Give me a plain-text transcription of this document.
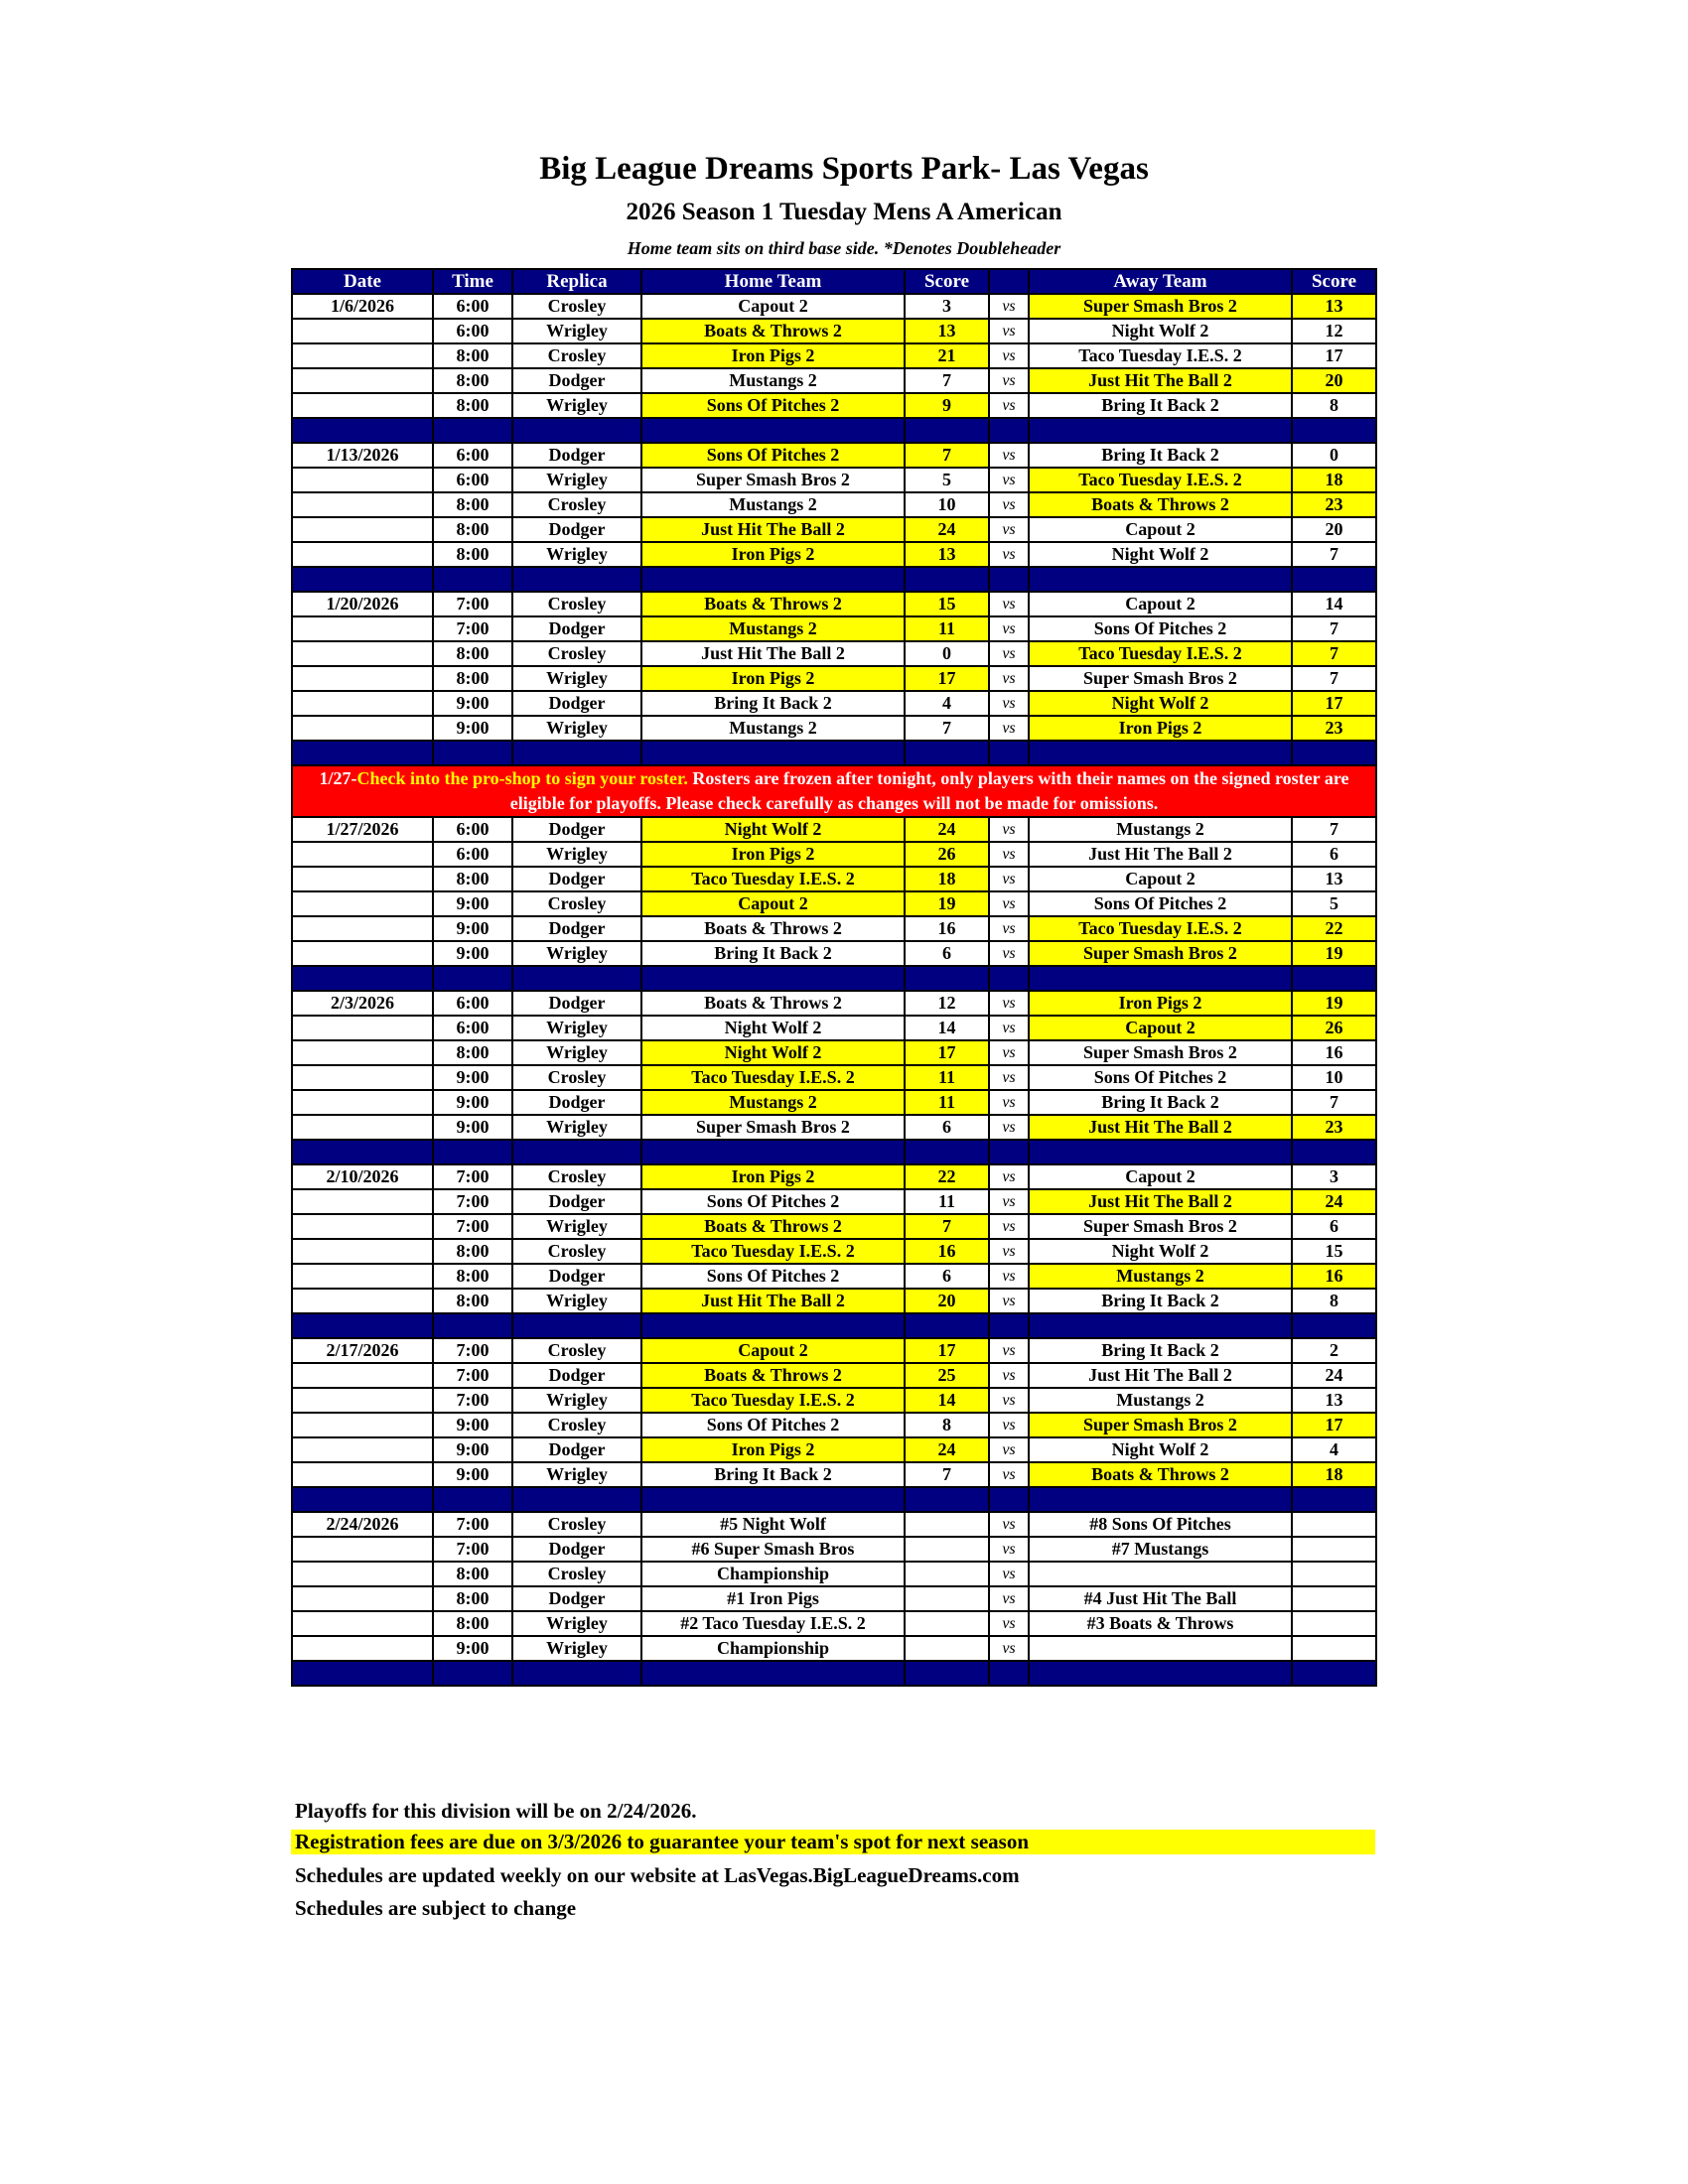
Big League Dreams Sports Park- Las Vegas
2026 Season 1 Tuesday Mens A American
Home team sits on third base side. *Denotes Doubleheader
Date	Time	Replica	Home Team	Score		Away Team	Score
1/6/2026	6:00	Crosley	Capout 2	3	vs	Super Smash Bros 2	13
	6:00	Wrigley	Boats & Throws 2	13	vs	Night Wolf 2	12
	8:00	Crosley	Iron Pigs 2	21	vs	Taco Tuesday I.E.S. 2	17
	8:00	Dodger	Mustangs 2	7	vs	Just Hit The Ball 2	20
	8:00	Wrigley	Sons Of Pitches 2	9	vs	Bring It Back 2	8

1/13/2026	6:00	Dodger	Sons Of Pitches 2	7	vs	Bring It Back 2	0
	6:00	Wrigley	Super Smash Bros 2	5	vs	Taco Tuesday I.E.S. 2	18
	8:00	Crosley	Mustangs 2	10	vs	Boats & Throws 2	23
	8:00	Dodger	Just Hit The Ball 2	24	vs	Capout 2	20
	8:00	Wrigley	Iron Pigs 2	13	vs	Night Wolf 2	7

1/20/2026	7:00	Crosley	Boats & Throws 2	15	vs	Capout 2	14
	7:00	Dodger	Mustangs 2	11	vs	Sons Of Pitches 2	7
	8:00	Crosley	Just Hit The Ball 2	0	vs	Taco Tuesday I.E.S. 2	7
	8:00	Wrigley	Iron Pigs 2	17	vs	Super Smash Bros 2	7
	9:00	Dodger	Bring It Back 2	4	vs	Night Wolf 2	17
	9:00	Wrigley	Mustangs 2	7	vs	Iron Pigs 2	23

1/27-Check into the pro-shop to sign your roster. Rosters are frozen after tonight, only players with their names on the signed roster are eligible for playoffs. Please check carefully as changes will not be made for omissions.							
1/27/2026	6:00	Dodger	Night Wolf 2	24	vs	Mustangs 2	7
	6:00	Wrigley	Iron Pigs 2	26	vs	Just Hit The Ball 2	6
	8:00	Dodger	Taco Tuesday I.E.S. 2	18	vs	Capout 2	13
	9:00	Crosley	Capout 2	19	vs	Sons Of Pitches 2	5
	9:00	Dodger	Boats & Throws 2	16	vs	Taco Tuesday I.E.S. 2	22
	9:00	Wrigley	Bring It Back 2	6	vs	Super Smash Bros 2	19

2/3/2026	6:00	Dodger	Boats & Throws 2	12	vs	Iron Pigs 2	19
	6:00	Wrigley	Night Wolf 2	14	vs	Capout 2	26
	8:00	Wrigley	Night Wolf 2	17	vs	Super Smash Bros 2	16
	9:00	Crosley	Taco Tuesday I.E.S. 2	11	vs	Sons Of Pitches 2	10
	9:00	Dodger	Mustangs 2	11	vs	Bring It Back 2	7
	9:00	Wrigley	Super Smash Bros 2	6	vs	Just Hit The Ball 2	23

2/10/2026	7:00	Crosley	Iron Pigs 2	22	vs	Capout 2	3
	7:00	Dodger	Sons Of Pitches 2	11	vs	Just Hit The Ball 2	24
	7:00	Wrigley	Boats & Throws 2	7	vs	Super Smash Bros 2	6
	8:00	Crosley	Taco Tuesday I.E.S. 2	16	vs	Night Wolf 2	15
	8:00	Dodger	Sons Of Pitches 2	6	vs	Mustangs 2	16
	8:00	Wrigley	Just Hit The Ball 2	20	vs	Bring It Back 2	8

2/17/2026	7:00	Crosley	Capout 2	17	vs	Bring It Back 2	2
	7:00	Dodger	Boats & Throws 2	25	vs	Just Hit The Ball 2	24
	7:00	Wrigley	Taco Tuesday I.E.S. 2	14	vs	Mustangs 2	13
	9:00	Crosley	Sons Of Pitches 2	8	vs	Super Smash Bros 2	17
	9:00	Dodger	Iron Pigs 2	24	vs	Night Wolf 2	4
	9:00	Wrigley	Bring It Back 2	7	vs	Boats & Throws 2	18

2/24/2026	7:00	Crosley	#5 Night Wolf		vs	#8 Sons Of Pitches	
	7:00	Dodger	#6 Super Smash Bros		vs	#7 Mustangs	
	8:00	Crosley	Championship		vs		
	8:00	Dodger	#1 Iron Pigs		vs	#4 Just Hit The Ball	
	8:00	Wrigley	#2 Taco Tuesday I.E.S. 2		vs	#3 Boats & Throws	
	9:00	Wrigley	Championship		vs		

Playoffs for this division will be on 2/24/2026.
Registration fees are due on 3/3/2026 to guarantee your team's spot for next season
Schedules are updated weekly on our website at LasVegas.BigLeagueDreams.com
Schedules are subject to change
